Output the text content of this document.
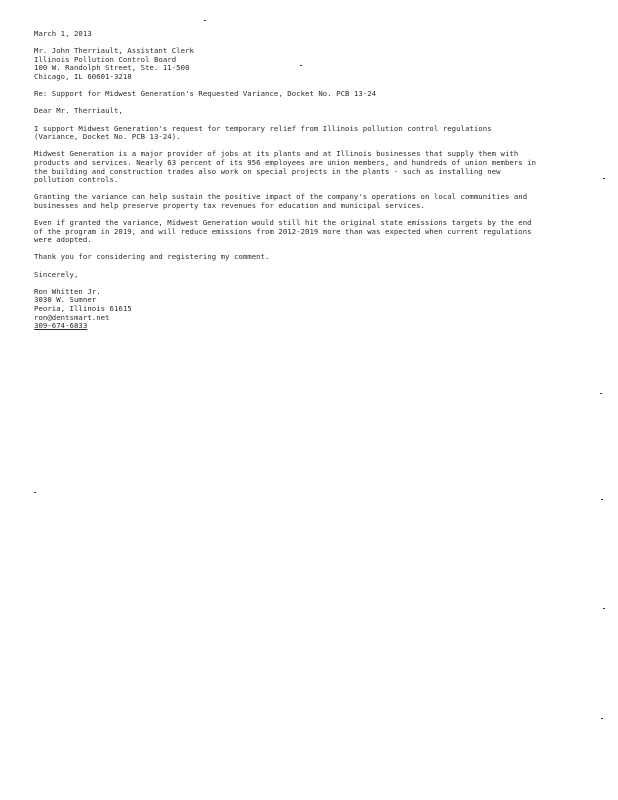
March 1, 2013
Mr. John Therriault, Assistant Clerk
Illinois Pollution Control Board
100 W. Randolph Street, Ste. 11-500
Chicago, IL 60601-3218
Re: Support for Midwest Generation's Requested Variance, Docket No. PCB 13-24
Dear Mr. Therriault,
I support Midwest Generation's request for temporary relief from Illinois pollution control regulations
(Variance, Docket No. PCB 13-24).
Midwest Generation is a major provider of jobs at its plants and at Illinois businesses that supply them with
products and services. Nearly 63 percent of its 956 employees are union members, and hundreds of union members in
the building and construction trades also work on special projects in the plants - such as installing new
pollution controls.
Granting the variance can help sustain the positive impact of the company's operations on local communities and
businesses and help preserve property tax revenues for education and municipal services.
Even if granted the variance, Midwest Generation would still hit the original state emissions targets by the end
of the program in 2019, and will reduce emissions from 2012-2019 more than was expected when current regulations
were adopted.
Thank you for considering and registering my comment.
Sincerely,
Ron Whitten Jr.
3030 W. Sumner
Peoria, Illinois 61615
ron@dentsmart.net
309-674-6833
